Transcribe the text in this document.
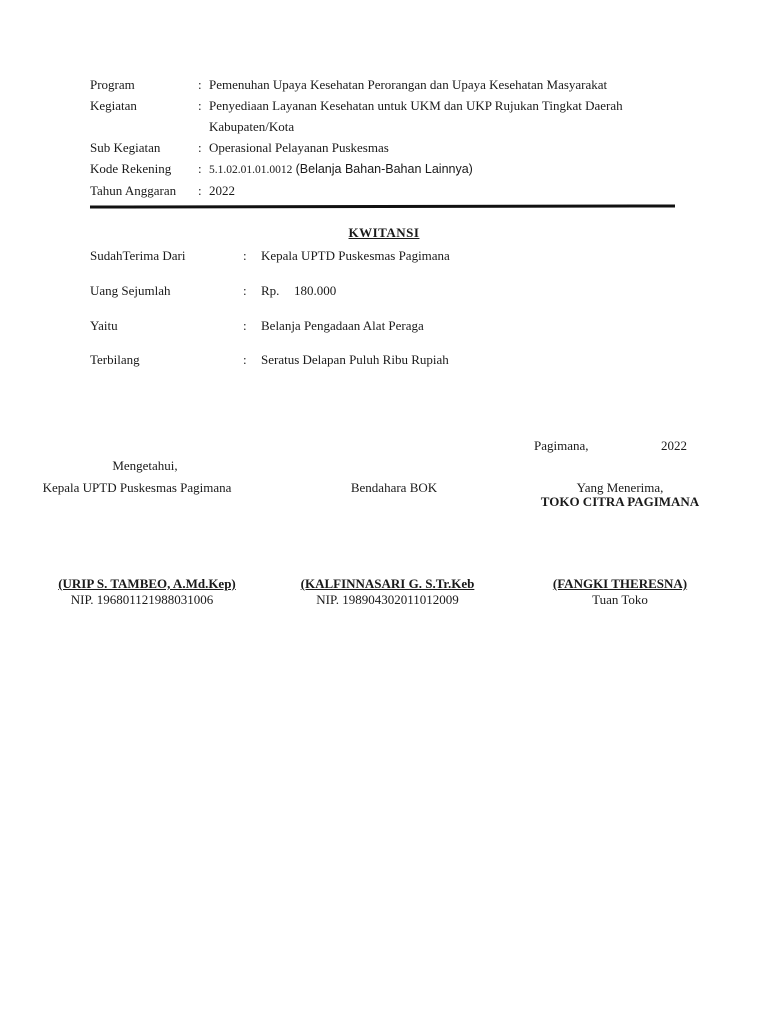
Program	: Pemenuhan Upaya Kesehatan Perorangan dan Upaya Kesehatan Masyarakat
Kegiatan	: Penyediaan Layanan Kesehatan untuk UKM dan UKP Rujukan Tingkat Daerah
Kabupaten/Kota
Sub Kegiatan	: Operasional Pelayanan Puskesmas
Kode Rekening : 5.1.02.01.01.0012 (Belanja Bahan-Bahan Lainnya)
Tahun Anggaran : 2022
KWITANSI
SudahTerima Dari	: Kepala UPTD Puskesmas Pagimana
Uang Sejumlah	: Rp. 180.000
Yaitu	: Belanja Pengadaan Alat Peraga
Terbilang	: Seratus Delapan Puluh Ribu Rupiah
Pagimana,	2022
Mengetahui,
Kepala UPTD Puskesmas Pagimana
(URIP S. TAMBEO, A.Md.Kep)
NIP. 196801121988031006
Bendahara BOK
(KALFINNASARI G. S.Tr.Keb
NIP. 198904302011012009
Yang Menerima,
TOKO CITRA PAGIMANA
(FANGKI THERESNA)
Tuan Toko
